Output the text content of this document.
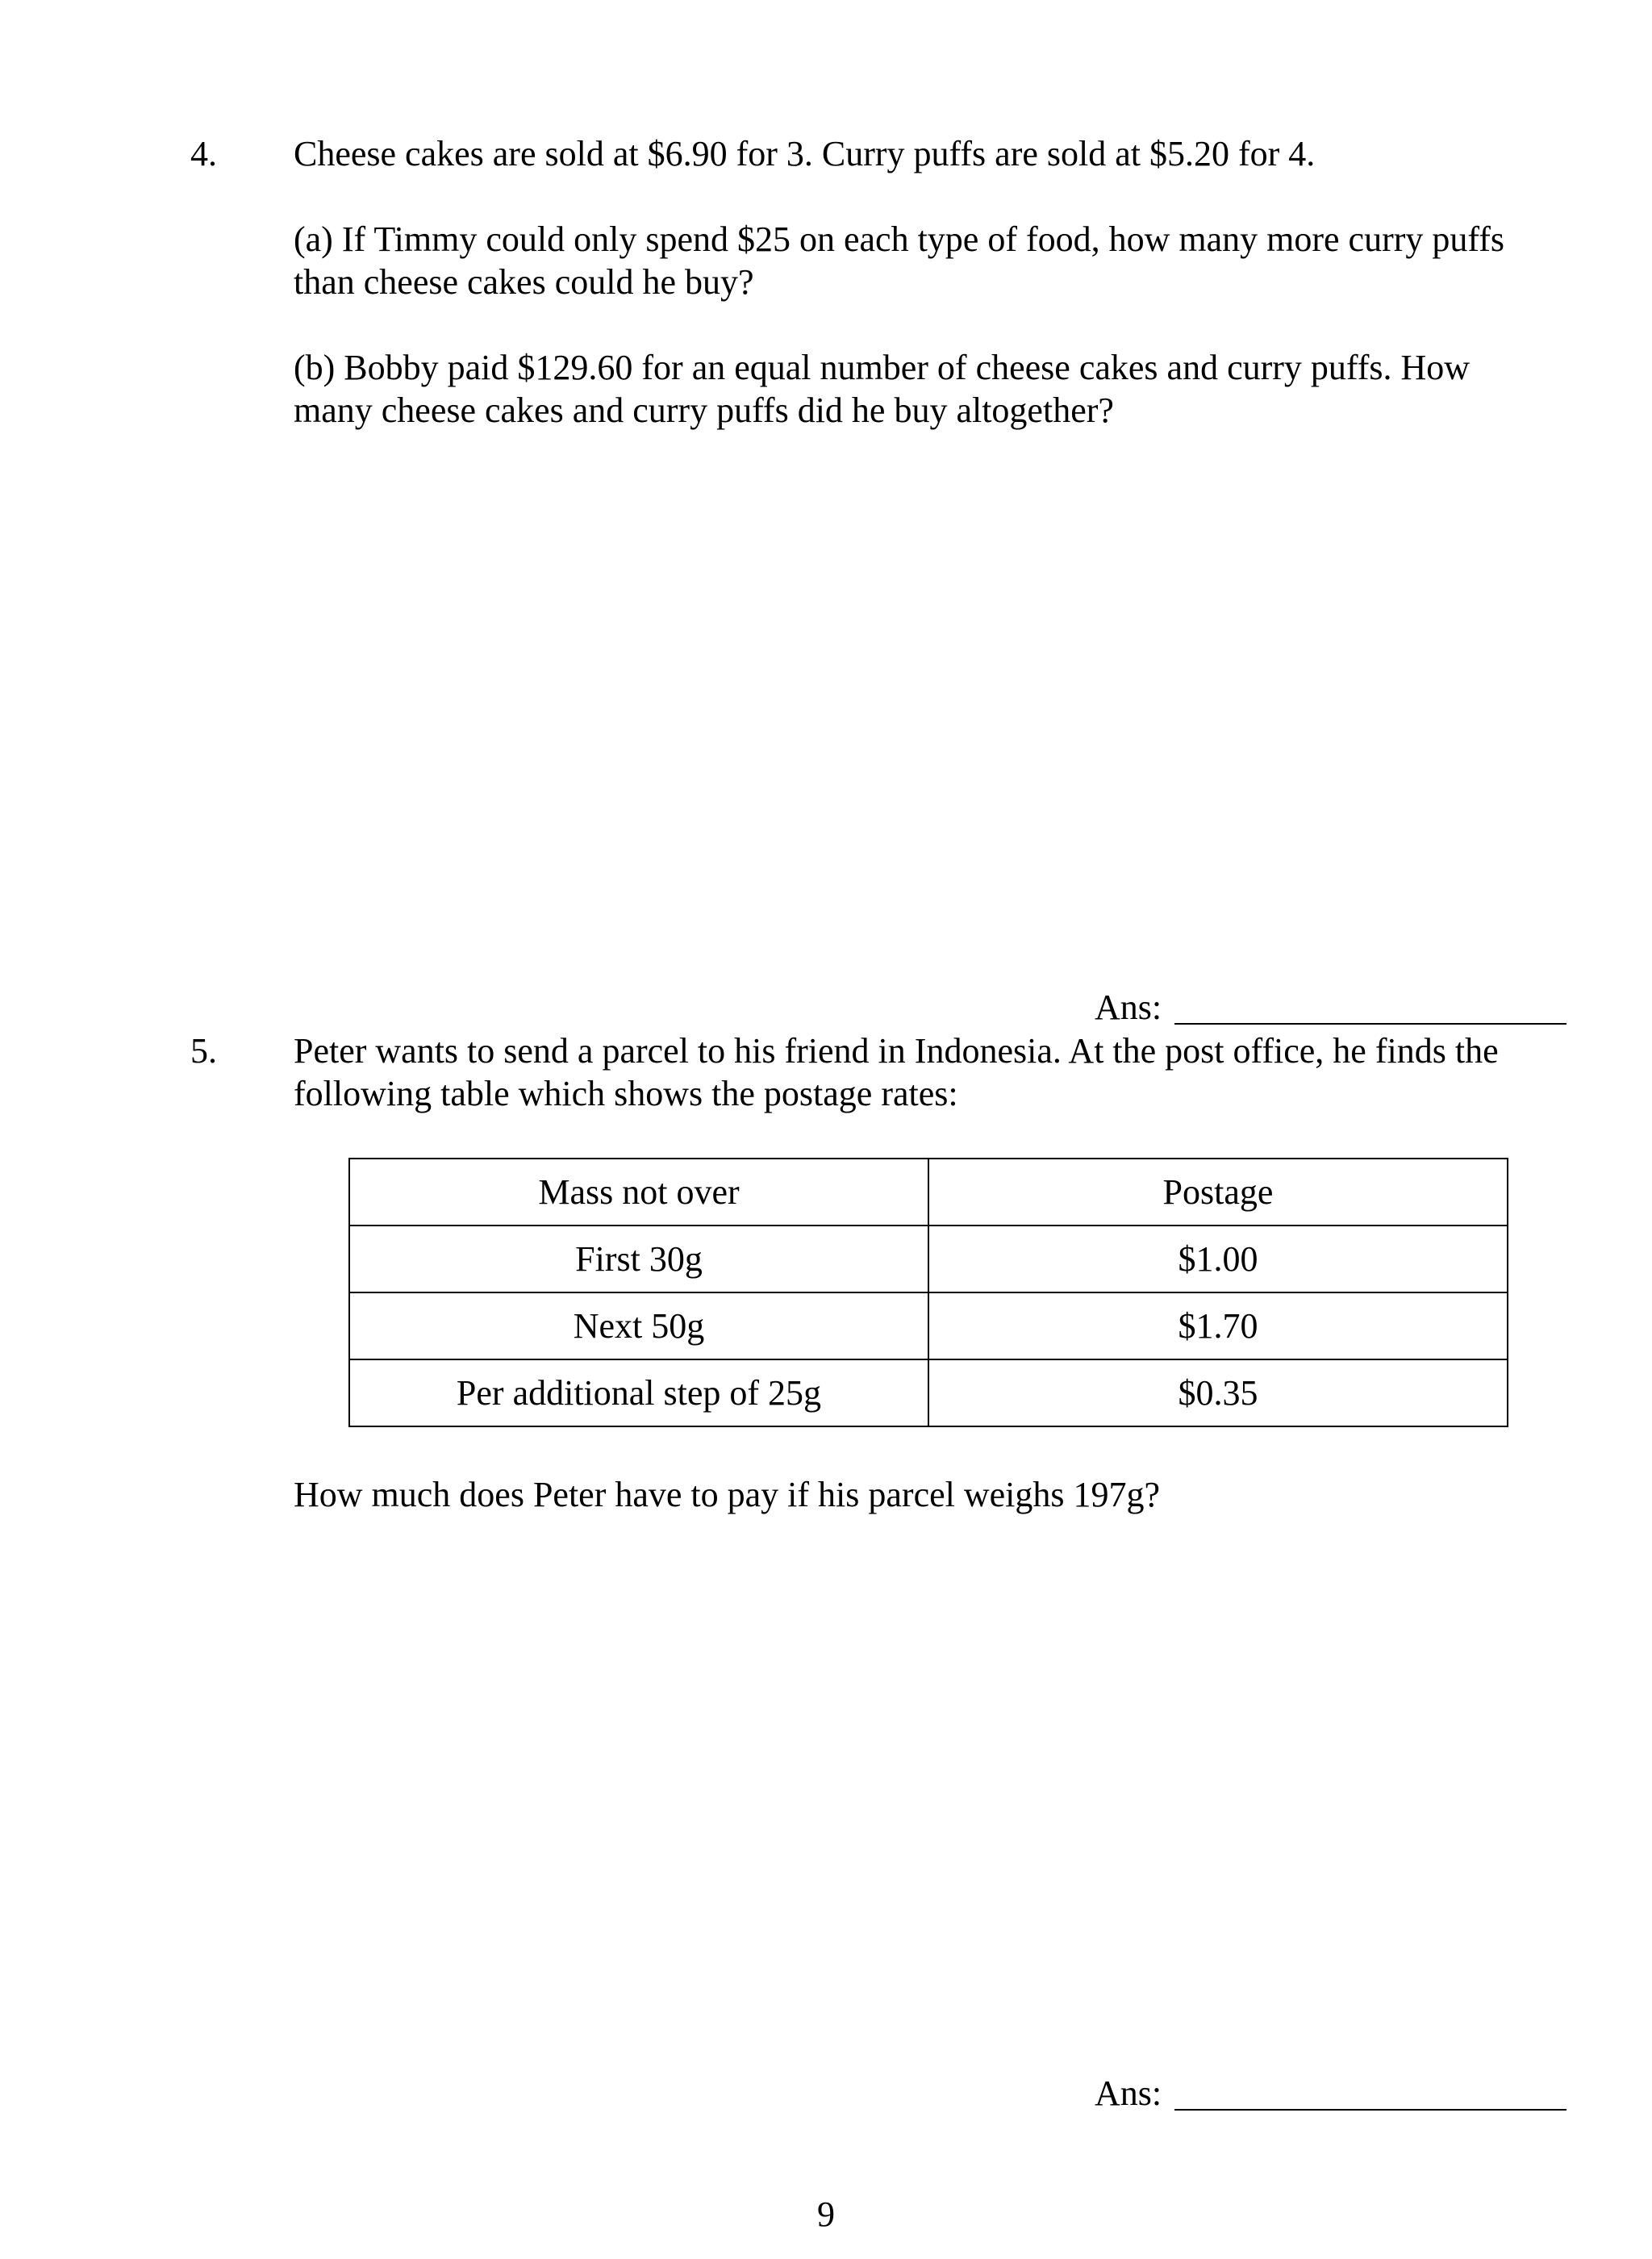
4. Cheese cakes are sold at $6.90 for 3. Curry puffs are sold at $5.20 for 4.
(a) If Timmy could only spend $25 on each type of food, how many more curry puffs
than cheese cakes could he buy?
(b) Bobby paid $129.60 for an equal number of cheese cakes and curry puffs. How
many cheese cakes and curry puffs did he buy altogether?
Ans:
5. Peter wants to send a parcel to his friend in Indonesia. At the post office, he finds the
following table which shows the postage rates:
Mass not over	Postage
First 30g	$1.00
Next 50g	$1.70
Per additional step of 25g	$0.35
How much does Peter have to pay if his parcel weighs 197g?
Ans:
9
